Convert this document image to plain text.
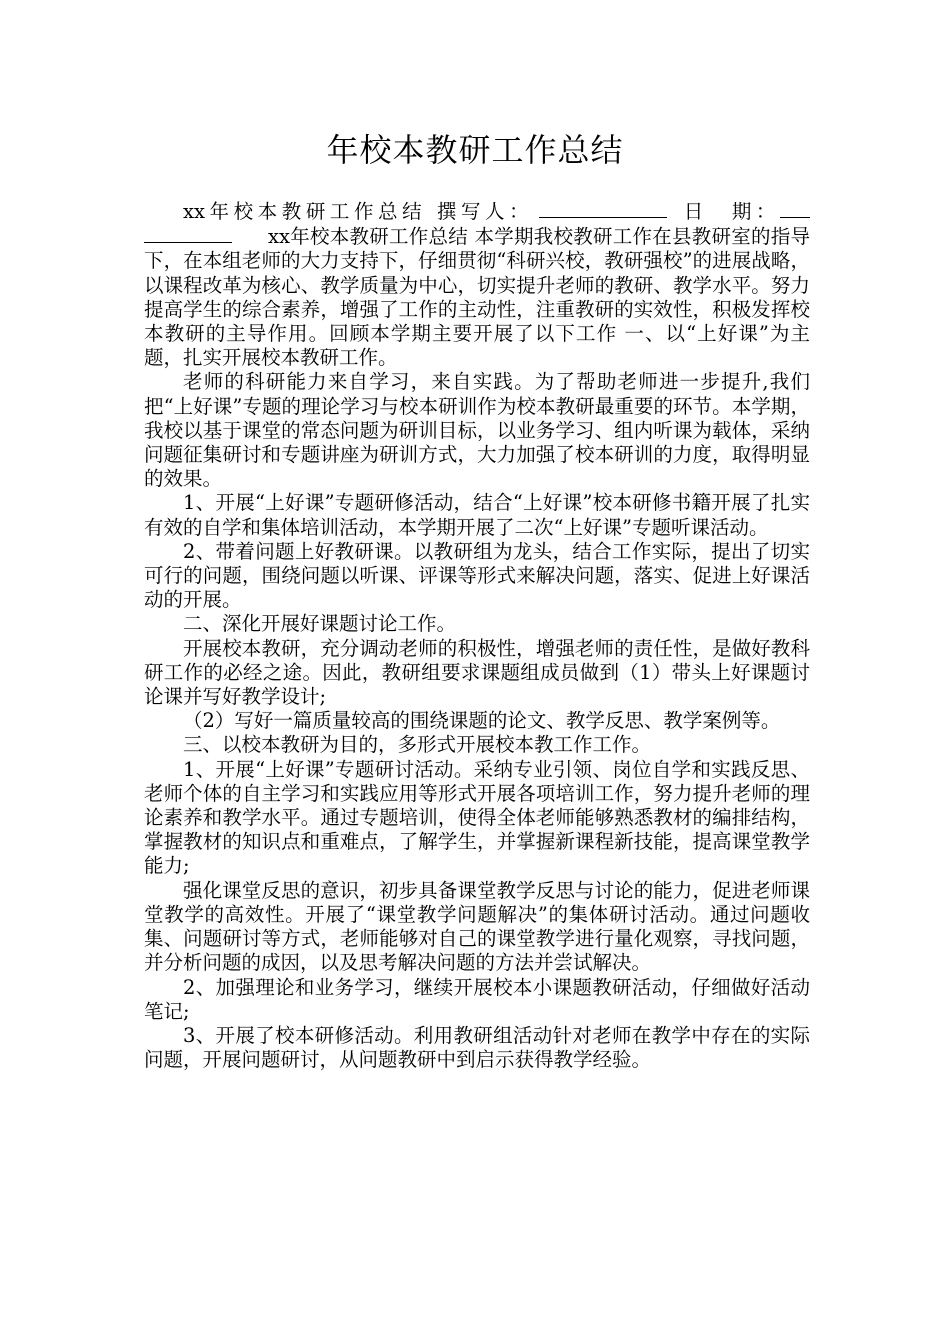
年校本教研工作总结

xx年校本教研工作总结 撰写人：	日　期：xx年校本教研工作总结 本学期我校教研工作在县教研室的指导下，在本组老师的大力支持下，仔细贯彻“科研兴校，教研强校”的进展战略，以课程改革为核心、教学质量为中心，切实提升老师的教研、教学水平。努力提高学生的综合素养，增强了工作的主动性，注重教研的实效性，积极发挥校本教研的主导作用。回顾本学期主要开展了以下工作 一、以“上好课”为主题，扎实开展校本教研工作。

老师的科研能力来自学习，来自实践。为了帮助老师进一步提升,我们把“上好课”专题的理论学习与校本研训作为校本教研最重要的环节。本学期，我校以基于课堂的常态问题为研训目标，以业务学习、组内听课为载体，采纳问题征集研讨和专题讲座为研训方式，大力加强了校本研训的力度，取得明显的效果。

1、开展“上好课”专题研修活动，结合“上好课”校本研修书籍开展了扎实有效的自学和集体培训活动，本学期开展了二次“上好课”专题听课活动。

2、带着问题上好教研课。以教研组为龙头，结合工作实际，提出了切实可行的问题，围绕问题以听课、评课等形式来解决问题，落实、促进上好课活动的开展。

二、深化开展好课题讨论工作。

开展校本教研，充分调动老师的积极性，增强老师的责任性，是做好教科研工作的必经之途。因此，教研组要求课题组成员做到（1）带头上好课题讨论课并写好教学设计;

（2）写好一篇质量较高的围绕课题的论文、教学反思、教学案例等。

三、以校本教研为目的，多形式开展校本教工作工作。

1、开展“上好课”专题研讨活动。采纳专业引领、岗位自学和实践反思、老师个体的自主学习和实践应用等形式开展各项培训工作，努力提升老师的理论素养和教学水平。通过专题培训，使得全体老师能够熟悉教材的编排结构，掌握教材的知识点和重难点，了解学生，并掌握新课程新技能，提高课堂教学能力;

强化课堂反思的意识，初步具备课堂教学反思与讨论的能力，促进老师课堂教学的高效性。开展了“课堂教学问题解决”的集体研讨活动。通过问题收集、问题研讨等方式，老师能够对自己的课堂教学进行量化观察，寻找问题，并分析问题的成因，以及思考解决问题的方法并尝试解决。

2、加强理论和业务学习，继续开展校本小课题教研活动，仔细做好活动笔记;

3、开展了校本研修活动。利用教研组活动针对老师在教学中存在的实际问题，开展问题研讨，从问题教研中到启示获得教学经验。
